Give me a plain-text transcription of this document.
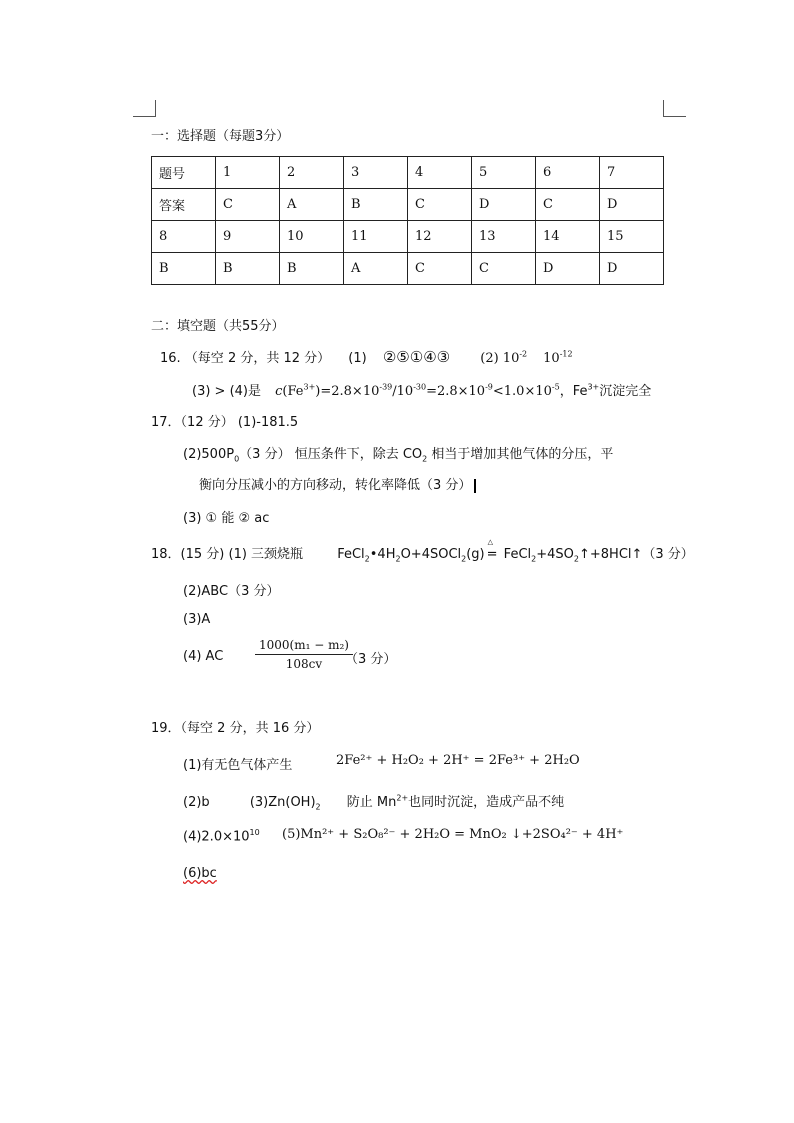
一：选择题（每题3分）
题号	1	2	3	4	5	6	7
答案	C	A	B	C	D	C	D
8	9	10	11	12	13	14	15
B	B	B	A	C	C	D	D
二：填空题（共55分）
16. （每空 2 分，共 12 分） (1) ②⑤①④③ (2) $10^{-2}$ $10^{-12}$
(3) > (4)是 $c(Fe^{3+})=2.8\times 10^{-39}/10^{-30}=2.8\times 10^{-9}<1.0\times 10^{-5}$，$Fe^{3+}$沉淀完全
17．（12 分） (1)-181.5
$(2)500P_0(3$ 分） 恒压条件下，除去 $CO_2$ 相当于增加其他气体的分压，平
衡向分压减小的方向移动，转化率降低（3 分）
(3) ① 能 ② ac
18．(15 分) (1) 三颈烧瓶	$FeCl_2•4H_2O+4SOCl_2(g)$
△
= $FeCl_2+4SO_2↑+8HCl↑(3$ 分）
(2)ABC（3 分）
(3)A
(4) AC	$\frac{\text{1000(m₁ − m₂)}}{108cv}$
（3 分）
19．（每空 2 分，共 16 分）
(1)有无色气体产生	2Fe²⁺ + H₂O₂ + 2H⁺ = 2Fe³⁺ + 2H₂O
(2)b	$(3)Zn(OH)_2$ 防止 $Mn^{2+}$也同时沉淀，造成产品不纯
$(4)2.0\times 10^{10}$ (5)Mn²⁺ + S₂O₈²⁻ + 2H₂O = MnO₂ ↓+2SO₄²⁻ + 4H⁺
(6)bc
